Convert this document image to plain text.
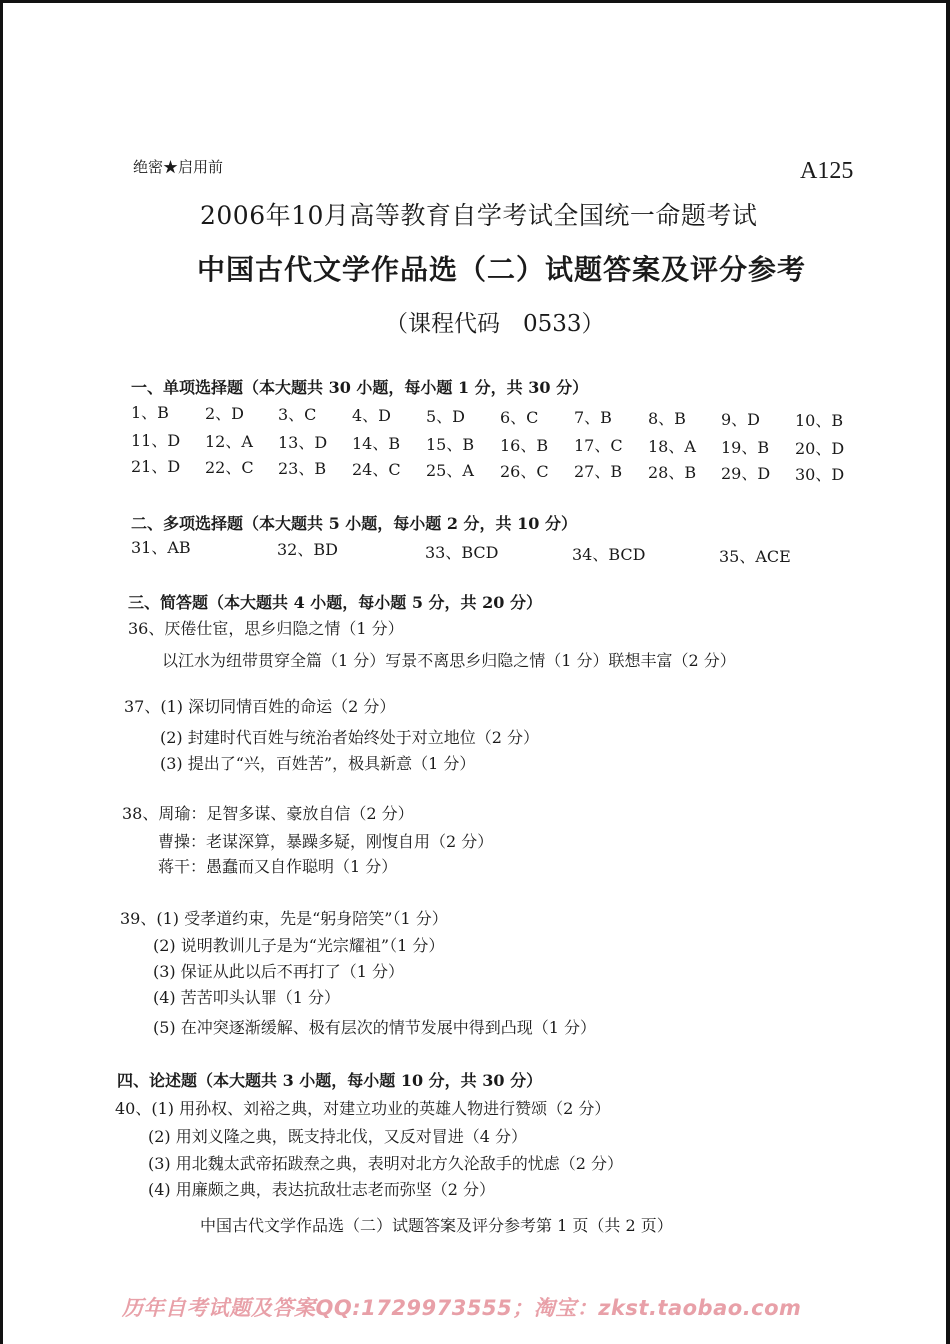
绝密★启用前	A125
2006年10月高等教育自学考试全国统一命题考试
中国古代文学作品选（二）试题答案及评分参考
（课程代码　0533）
一、单项选择题（本大题共 30 小题，每小题 1 分，共 30 分）
1、B 2、D 3、C 4、D 5、D 6、C 7、B 8、B 9、D 10、B
11、D 12、A 13、D 14、B 15、B 16、B 17、C 18、A 19、B 20、D
21、D 22、C 23、B 24、C 25、A 26、C 27、B 28、B 29、D 30、D
二、多项选择题（本大题共 5 小题，每小题 2 分，共 10 分）
31、AB	32、BD	33、BCD	34、BCD	35、ACE
三、简答题（本大题共 4 小题，每小题 5 分，共 20 分）
36、厌倦仕宦，思乡归隐之情（1 分）
以江水为纽带贯穿全篇（1 分）写景不离思乡归隐之情（1 分）联想丰富（2 分）
37、(1) 深切同情百姓的命运（2 分）
(2) 封建时代百姓与统治者始终处于对立地位（2 分）
(3) 提出了“兴，百姓苦”，极具新意（1 分）
38、周瑜：足智多谋、豪放自信（2 分）
曹操：老谋深算，暴躁多疑，刚愎自用（2 分）
蒋干：愚蠢而又自作聪明（1 分）
39、(1) 受孝道约束，先是“躬身陪笑”（1 分）
(2) 说明教训儿子是为“光宗耀祖”（1 分）
(3) 保证从此以后不再打了（1 分）
(4) 苦苦叩头认罪（1 分）
(5) 在冲突逐渐缓解、极有层次的情节发展中得到凸现（1 分）
四、论述题（本大题共 3 小题，每小题 10 分，共 30 分）
40、(1) 用孙权、刘裕之典，对建立功业的英雄人物进行赞颂（2 分）
(2) 用刘义隆之典，既支持北伐，又反对冒进（4 分）
(3) 用北魏太武帝拓跋焘之典，表明对北方久沦敌手的忧虑（2 分）
(4) 用廉颇之典，表达抗敌壮志老而弥坚（2 分）
中国古代文学作品选（二）试题答案及评分参考第 1 页（共 2 页）
历年自考试题及答案QQ:1729973555；淘宝：zkst.taobao.com
